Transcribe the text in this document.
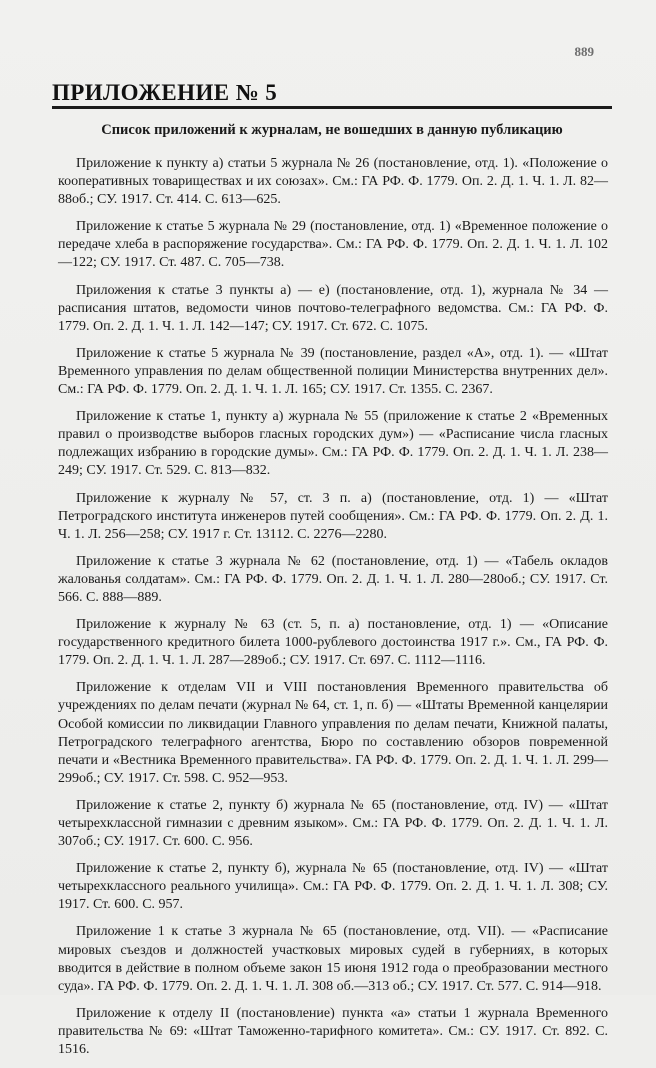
889
ПРИЛОЖЕНИЕ № 5
Список приложений к журналам, не вошедших в данную публикацию

Приложение к пункту а) статьи 5 журнала № 26 (постановление, отд. 1). «Положение о кооперативных товариществах и их союзах». См.: ГА РФ. Ф. 1779. Оп. 2. Д. 1. Ч. 1. Л. 82—88об.; СУ. 1917. Ст. 414. С. 613—625.

Приложение к статье 5 журнала № 29 (постановление, отд. 1) «Временное положение о передаче хлеба в распоряжение государства». См.: ГА РФ. Ф. 1779. Оп. 2. Д. 1. Ч. 1. Л. 102—122; СУ. 1917. Ст. 487. С. 705—738.

Приложения к статье 3 пункты а) — е) (постановление, отд. 1), журнала № 34 — расписания штатов, ведомости чинов почтово-телеграфного ведомства. См.: ГА РФ. Ф. 1779. Оп. 2. Д. 1. Ч. 1. Л. 142—147; СУ. 1917. Ст. 672. С. 1075.

Приложение к статье 5 журнала № 39 (постановление, раздел «А», отд. 1). — «Штат Временного управления по делам общественной полиции Министерства внутренних дел». См.: ГА РФ. Ф. 1779. Оп. 2. Д. 1. Ч. 1. Л. 165; СУ. 1917. Ст. 1355. С. 2367.

Приложение к статье 1, пункту а) журнала № 55 (приложение к статье 2 «Временных правил о производстве выборов гласных городских дум») — «Расписание числа гласных подлежащих избранию в городские думы». См.: ГА РФ. Ф. 1779. Оп. 2. Д. 1. Ч. 1. Л. 238—249; СУ. 1917. Ст. 529. С. 813—832.

Приложение к журналу № 57, ст. 3 п. а) (постановление, отд. 1) — «Штат Петроградского института инженеров путей сообщения». См.: ГА РФ. Ф. 1779. Оп. 2. Д. 1. Ч. 1. Л. 256—258; СУ. 1917 г. Ст. 13112. С. 2276—2280.

Приложение к статье 3 журнала № 62 (постановление, отд. 1) — «Табель окладов жалованья солдатам». См.: ГА РФ. Ф. 1779. Оп. 2. Д. 1. Ч. 1. Л. 280—280об.; СУ. 1917. Ст. 566. С. 888—889.

Приложение к журналу № 63 (ст. 5, п. а) постановление, отд. 1) — «Описание государственного кредитного билета 1000-рублевого достоинства 1917 г.». См., ГА РФ. Ф. 1779. Оп. 2. Д. 1. Ч. 1. Л. 287—289об.; СУ. 1917. Ст. 697. С. 1112—1116.

Приложение к отделам VII и VIII постановления Временного правительства об учреждениях по делам печати (журнал № 64, ст. 1, п. б) — «Штаты Временной канцелярии Особой комиссии по ликвидации Главного управления по делам печати, Книжной палаты, Петроградского телеграфного агентства, Бюро по составлению обзоров повременной печати и «Вестника Временного правительства». ГА РФ. Ф. 1779. Оп. 2. Д. 1. Ч. 1. Л. 299—299об.; СУ. 1917. Ст. 598. С. 952—953.

Приложение к статье 2, пункту б) журнала № 65 (постановление, отд. IV) — «Штат четырехклассной гимназии с древним языком». См.: ГА РФ. Ф. 1779. Оп. 2. Д. 1. Ч. 1. Л. 307об.; СУ. 1917. Ст. 600. С. 956.

Приложение к статье 2, пункту б), журнала № 65 (постановление, отд. IV) — «Штат четырехклассного реального училища». См.: ГА РФ. Ф. 1779. Оп. 2. Д. 1. Ч. 1. Л. 308; СУ. 1917. Ст. 600. С. 957.

Приложение 1 к статье 3 журнала № 65 (постановление, отд. VII). — «Расписание мировых съездов и должностей участковых мировых судей в губерниях, в которых вводится в действие в полном объеме закон 15 июня 1912 года о преобразовании местного суда». ГА РФ. Ф. 1779. Оп. 2. Д. 1. Ч. 1. Л. 308 об.—313 об.; СУ. 1917. Ст. 577. С. 914—918.

Приложение к отделу II (постановление) пункта «а» статьи 1 журнала Временного правительства № 69: «Штат Таможенно-тарифного комитета». См.: СУ. 1917. Ст. 892. С. 1516.
